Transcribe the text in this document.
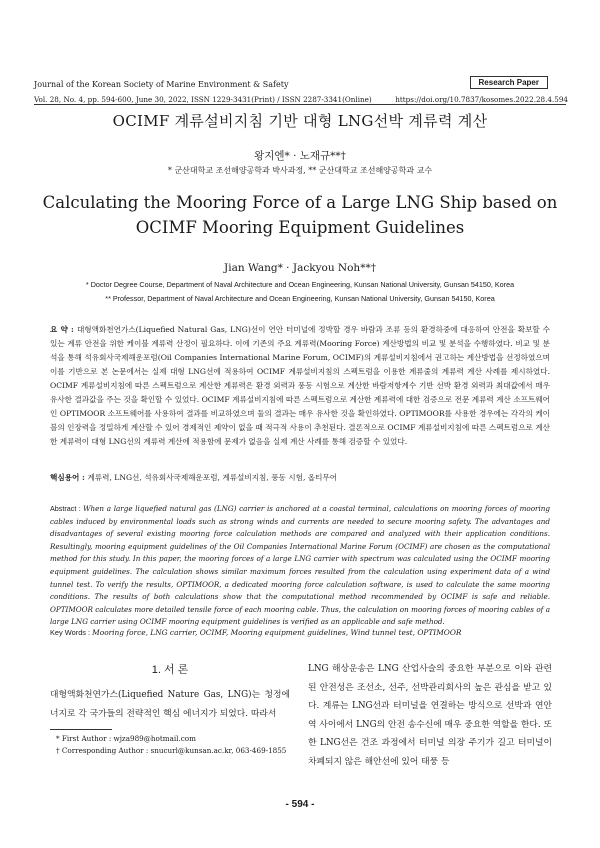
Journal of the Korean Society of Marine Environment & Safety	Research Paper
Vol. 28, No. 4, pp. 594-600, June 30, 2022, ISSN 1229-3431(Print) / ISSN 2287-3341(Online)	https://doi.org/10.7837/kosomes.2022.28.4.594
OCIMF 계류설비지침 기반 대형 LNG선박 계류력 계산
왕지엔* · 노재규**†
* 군산대학교 조선해양공학과 박사과정, ** 군산대학교 조선해양공학과 교수
Calculating the Mooring Force of a Large LNG Ship based on OCIMF Mooring Equipment Guidelines
Jian Wang* · Jackyou Noh**†
* Doctor Degree Course, Department of Naval Architecture and Ocean Engineering, Kunsan National University, Gunsan 54150, Korea
** Professor, Department of Naval Architecture and Ocean Engineering, Kunsan National University, Gunsan 54150, Korea
요 약 : 대형액화천연가스(Liquefied Natural Gas, LNG)선이 연안 터미널에 정박할 경우 바람과 조류 등의 환경하중에 대응하여 안전을 확보할 수 있는 계류 안전을 위한 케이블 계류력 산정이 필요하다. 이에 기존의 주요 계류력(Mooring Force) 계산방법의 비교 및 분석을 수행하였다. 비교 및 분석을 통해 석유회사국제해운포럼(Oil Companies International Marine Forum, OCIMF)의 계류설비지침에서 권고하는 계산방법을 선정하였으며 이를 기반으로 본 논문에서는 실제 대형 LNG선에 적용하여 OCIMF 계류설비지침의 스펙트럼을 이용한 계류줄의 계류력 계산 사례를 제시하였다. OCIMF 계류설비지침에 따른 스펙트럼으로 계산한 계류력은 환경 외력과 풍동 시험으로 계산한 바람저항계수 기반 선박 환경 외력과 최대값에서 매우 유사한 결과값을 주는 것을 확인할 수 있었다. OCIMF 계류설비지침에 따른 스펙트럼으로 계산한 계류력에 대한 검증으로 전문 계류력 계산 소프트웨어인 OPTIMOOR 소프트웨어를 사용하여 결과를 비교하였으며 둘의 결과는 매우 유사한 것을 확인하였다. OPTIMOOR를 사용한 경우에는 각각의 케이블의 인장력을 정밀하게 계산할 수 있어 경제적인 제약이 없을 때 적극적 사용이 추천된다. 결론적으로 OCIMF 계류설비지침에 따른 스펙트럼으로 계산한 계류력이 대형 LNG선의 계류력 계산에 적용함에 문제가 없음을 실제 계산 사례를 통해 검증할 수 있었다.
핵심용어 : 계류력, LNG선, 석유회사국제해운포럼, 계류설비지침, 풍동 시험, 옵티무어
Abstract : When a large liquefied natural gas (LNG) carrier is anchored at a coastal terminal, calculations on mooring forces of mooring cables induced by environmental loads such as strong winds and currents are needed to secure mooring safety. The advantages and disadvantages of several existing mooring force calculation methods are compared and analyzed with their application conditions. Resultingly, mooring equipment guidelines of the Oil Companies International Marine Forum (OCIMF) are chosen as the computational method for this study. In this paper, the mooring forces of a large LNG carrier with spectrum was calculated using the OCIMF mooring equipment guidelines. The calculation shows similar maximum forces resulted from the calculation using experiment data of a wind tunnel test. To verify the results, OPTIMOOR, a dedicated mooring force calculation software, is used to calculate the same mooring conditions. The results of both calculations show that the computational method recommended by OCIMF is safe and reliable. OPTIMOOR calculates more detailed tensile force of each mooring cable. Thus, the calculation on mooring forces of mooring cables of a large LNG carrier using OCIMF mooring equipment guidelines is verified as an applicable and safe method.
Key Words : Mooring force, LNG carrier, OCIMF, Mooring equipment guidelines, Wind tunnel test, OPTIMOOR
1. 서 론
대형액화천연가스(Liquefied Nature Gas, LNG)는 청정에너지로 각 국가들의 전략적인 핵심 에너지가 되었다. 따라서
LNG 해상운송은 LNG 산업사슬의 중요한 부분으로 이와 관련된 안전성은 조선소, 선주, 선박관리회사의 높은 관심을 받고 있다. 계류는 LNG선과 터미널을 연결하는 방식으로 선박과 연안역 사이에서 LNG의 안전 송수신에 매우 중요한 역할을 한다. 또한 LNG선은 건조 과정에서 터미널 의장 주기가 길고 터미널이 차폐되지 않은 해안선에 있어 태풍 등
* First Author : wjza989@hotmail.com
† Corresponding Author : snucurl@kunsan.ac.kr, 063-469-1855
- 594 -
